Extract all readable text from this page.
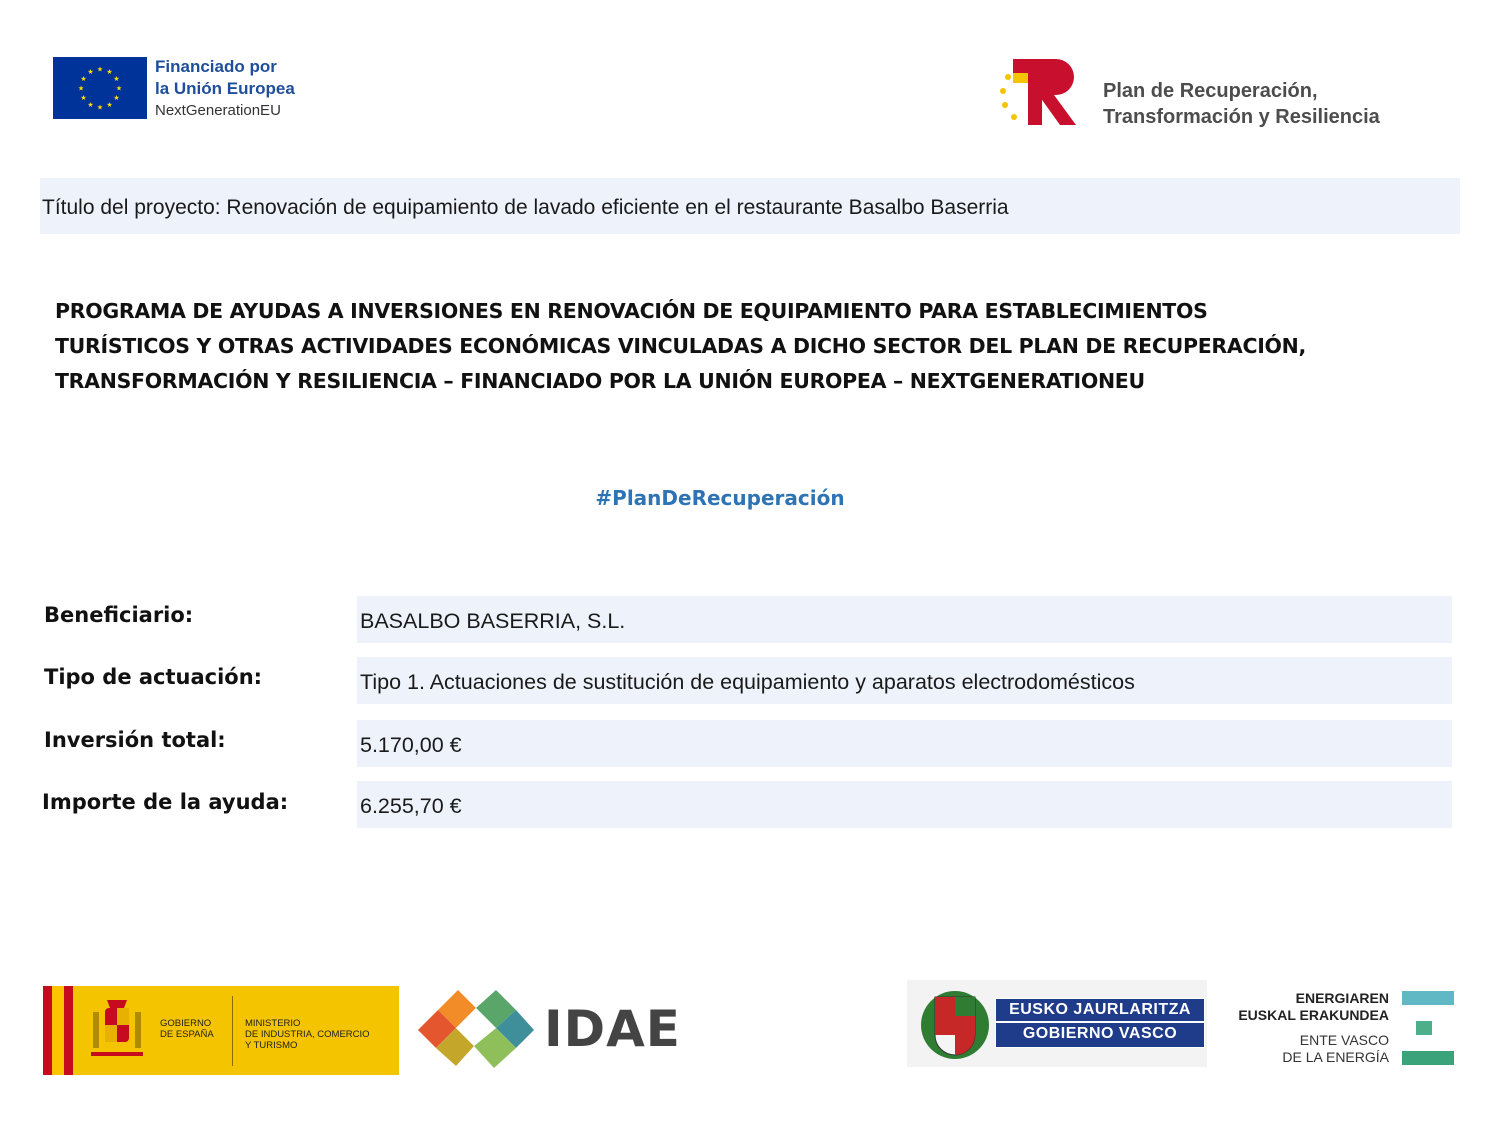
★ ★
★
★
★
★
★
★
★
★
★
★	Financiado por
la Unión Europea
NextGenerationEU
Plan de Recuperación,
Transformación y Resiliencia
Título del proyecto: Renovación de equipamiento de lavado eficiente en el restaurante Basalbo Baserria
PROGRAMA DE AYUDAS A INVERSIONES EN RENOVACIÓN DE EQUIPAMIENTO PARA ESTABLECIMIENTOS
TURÍSTICOS Y OTRAS ACTIVIDADES ECONÓMICAS VINCULADAS A DICHO SECTOR DEL PLAN DE RECUPERACIÓN,
TRANSFORMACIÓN Y RESILIENCIA – FINANCIADO POR LA UNIÓN EUROPEA – NEXTGENERATIONEU
#PlanDeRecuperación
Beneficiario:	BASALBO BASERRIA, S.L.
Tipo de actuación:	Tipo 1. Actuaciones de sustitución de equipamiento y aparatos electrodomésticos
Inversión total:	5.170,00 €
Importe de la ayuda:	6.255,70 €
GOBIERNO
DE ESPAÑA
MINISTERIO
DE INDUSTRIA, COMERCIO
Y TURISMO	IDAE	EUSKO JAURLARITZA
GOBIERNO VASCO
ENERGIAREN
EUSKAL ERAKUNDEA
ENTE VASCO
DE LA ENERGÍA
